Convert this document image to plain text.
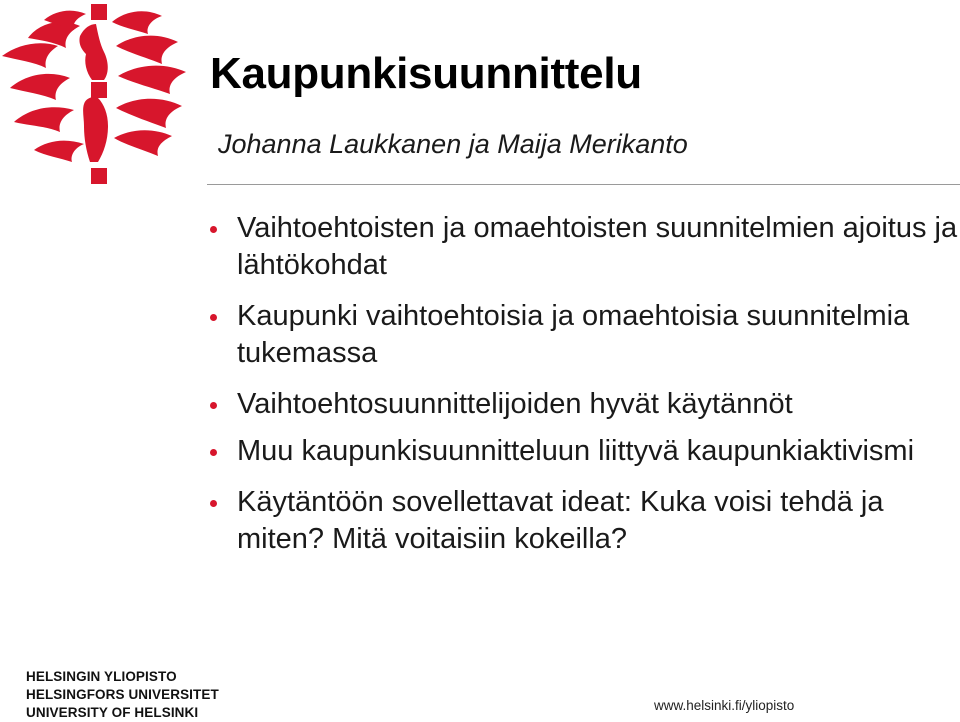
Kaupunkisuunnittelu
Johanna Laukkanen ja Maija Merikanto
Vaihtoehtoisten ja omaehtoisten suunnitelmien ajoitus ja lähtökohdat
Kaupunki vaihtoehtoisia ja omaehtoisia suunnitelmia tukemassa
Vaihtoehtosuunnittelijoiden hyvät käytännöt
Muu kaupunkisuunnitteluun liittyvä kaupunkiaktivismi
Käytäntöön sovellettavat ideat: Kuka voisi tehdä ja miten? Mitä voitaisiin kokeilla?
HELSINGIN YLIOPISTO
HELSINGFORS UNIVERSITET
UNIVERSITY OF HELSINKI	www.helsinki.fi/yliopisto
